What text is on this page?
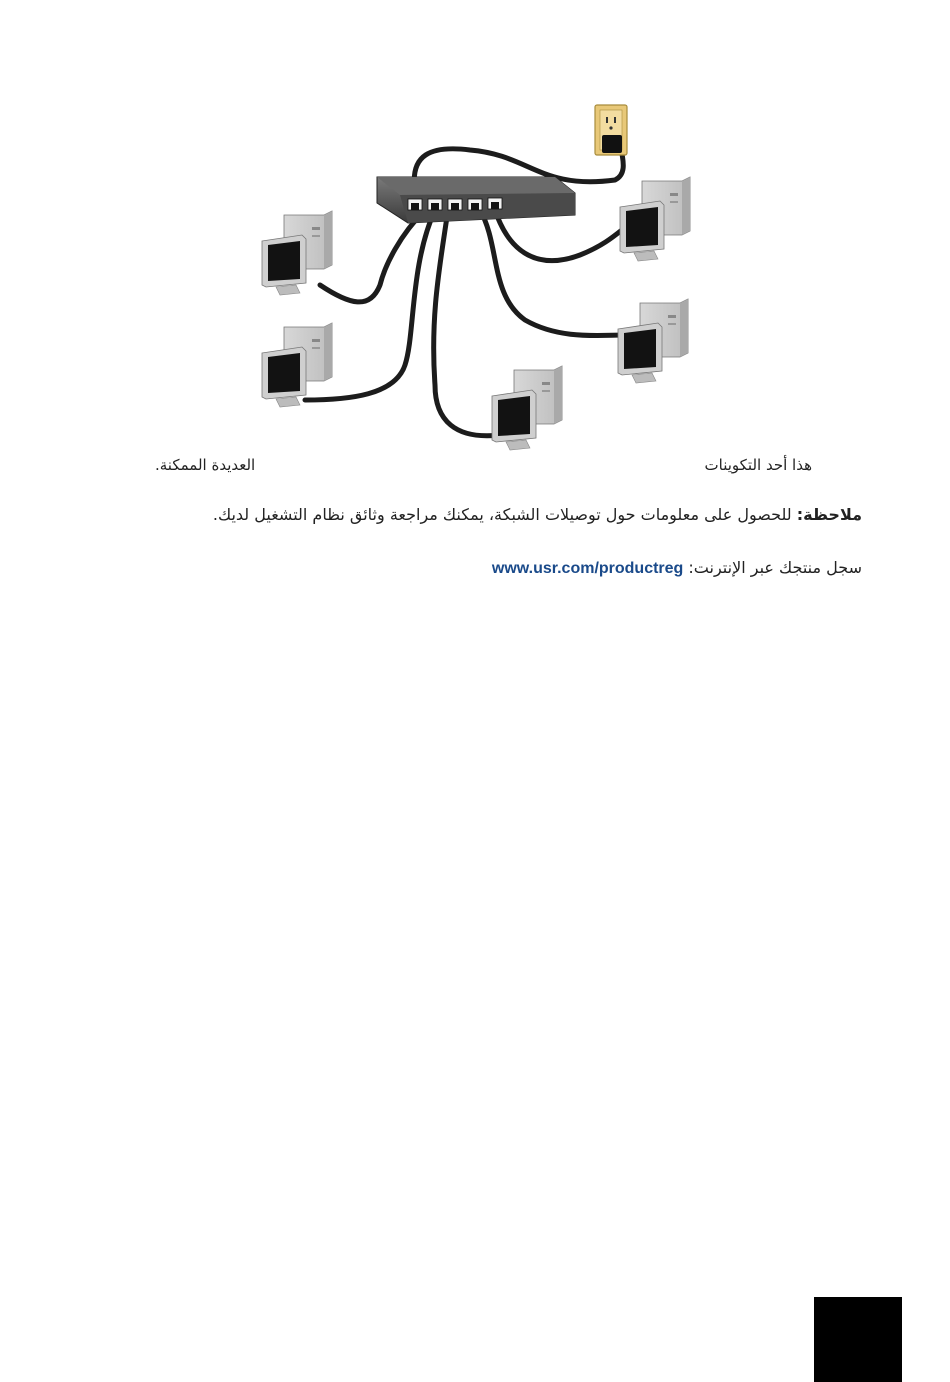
هذا أحد التكوينات
العديدة الممكنة.
ملاحظة: للحصول على معلومات حول توصيلات الشبكة، يمكنك مراجعة وثائق نظام التشغيل لديك.
سجل منتجك عبر الإنترنت: www.usr.com/productreg
